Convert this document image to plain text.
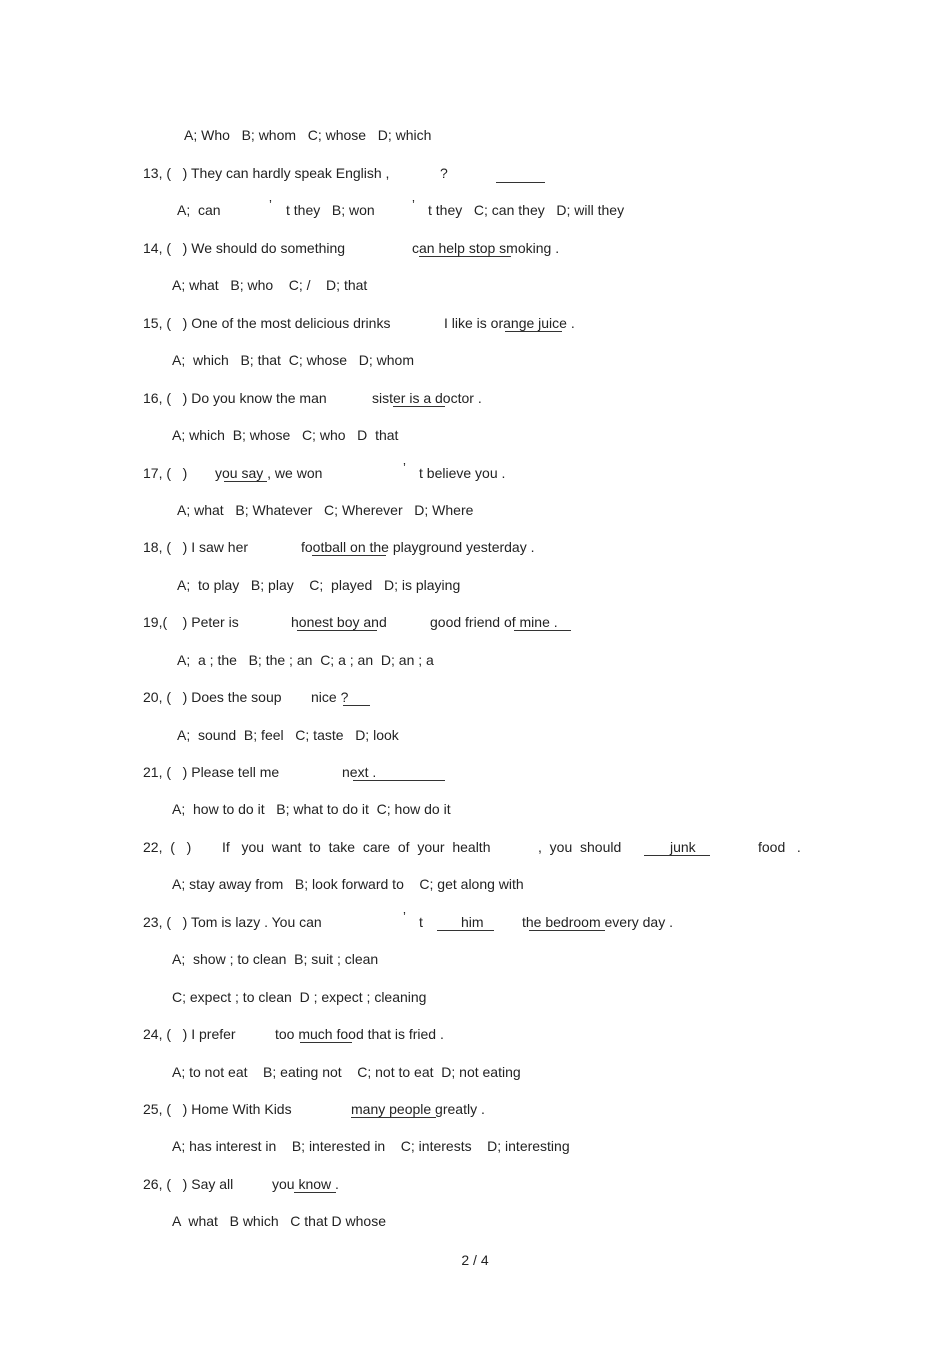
A; Who   B; whom   C; whose   D; which
13, (   ) They can hardly speak English ,	?
A;  can	’ t they   B; won	’ t they   C; can they   D; will they
14, (   ) We should do something	can help stop smoking .
A; what   B; who    C; /    D; that
15, (   ) One of the most delicious drinks	I like is orange juice .
A;  which   B; that  C; whose   D; whom
16, (   ) Do you know the man	sister is a doctor .
A; which  B; whose   C; who   D  that
17, (   ) you say , we won	’ t believe you .
A; what   B; Whatever   C; Wherever   D; Where
18, (   ) I saw her	football on the playground yesterday .
A;  to play   B; play    C;  played   D; is playing
19,(    ) Peter is	honest boy and	good friend of mine .
A;  a ; the   B; the ; an  C; a ; an  D; an ; a
20, (   ) Does the soup nice ?
A;  sound  B; feel   C; taste   D; look
21, (   ) Please tell me	next .
A;  how to do it   B; what to do it  C; how do it
22,  (   ) If   you  want  to  take  care  of  your  health	,  you  should	junk	food   .
A; stay away from   B; look forward to    C; get along with
23, (   ) Tom is lazy . You can	’ t	him	the bedroom every day .
A;  show ; to clean  B; suit ; clean
C; expect ; to clean  D ; expect ; cleaning
24, (   ) I prefer	too much food that is fried .
A; to not eat    B; eating not    C; not to eat  D; not eating
25, (   ) Home With Kids	many people greatly .
A; has interest in    B; interested in    C; interests    D; interesting
26, (   ) Say all	you know .
A  what   B which   C that D whose
2 / 4
